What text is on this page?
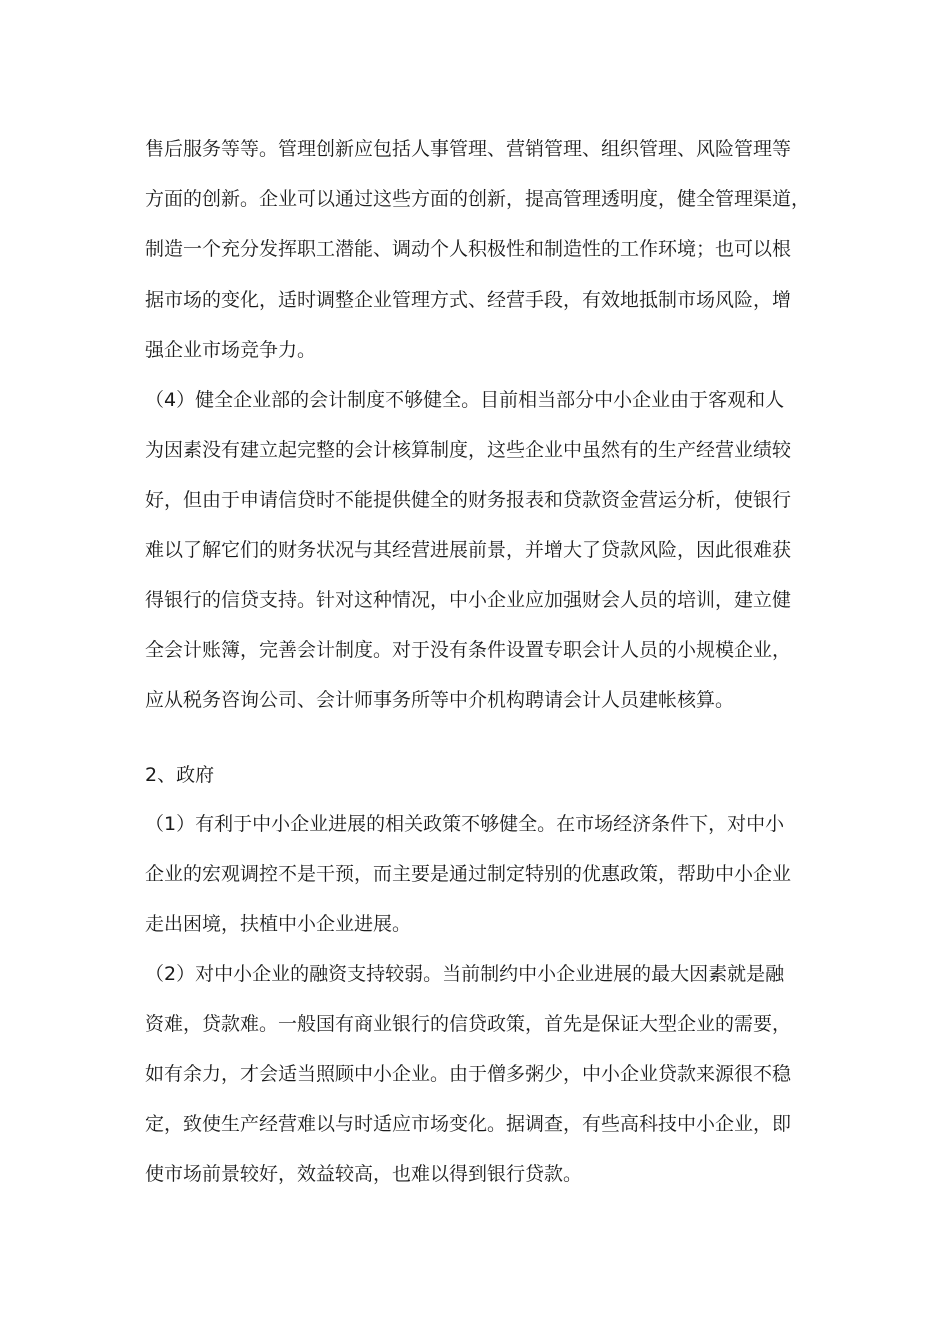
售后服务等等。管理创新应包括人事管理、营销管理、组织管理、风险管理等
方面的创新。企业可以通过这些方面的创新，提高管理透明度，健全管理渠道，
制造一个充分发挥职工潜能、调动个人积极性和制造性的工作环境；也可以根
据市场的变化，适时调整企业管理方式、经营手段，有效地抵制市场风险，增
强企业市场竞争力。
（4）健全企业部的会计制度不够健全。目前相当部分中小企业由于客观和人
为因素没有建立起完整的会计核算制度，这些企业中虽然有的生产经营业绩较
好，但由于申请信贷时不能提供健全的财务报表和贷款资金营运分析，使银行
难以了解它们的财务状况与其经营进展前景，并增大了贷款风险，因此很难获
得银行的信贷支持。针对这种情况，中小企业应加强财会人员的培训，建立健
全会计账簿，完善会计制度。对于没有条件设置专职会计人员的小规模企业，
应从税务咨询公司、会计师事务所等中介机构聘请会计人员建帐核算。
2、政府
（1）有利于中小企业进展的相关政策不够健全。在市场经济条件下，对中小
企业的宏观调控不是干预，而主要是通过制定特别的优惠政策，帮助中小企业
走出困境，扶植中小企业进展。
（2）对中小企业的融资支持较弱。当前制约中小企业进展的最大因素就是融
资难，贷款难。一般国有商业银行的信贷政策，首先是保证大型企业的需要，
如有余力，才会适当照顾中小企业。由于僧多粥少，中小企业贷款来源很不稳
定，致使生产经营难以与时适应市场变化。据调查，有些高科技中小企业，即
使市场前景较好，效益较高，也难以得到银行贷款。
